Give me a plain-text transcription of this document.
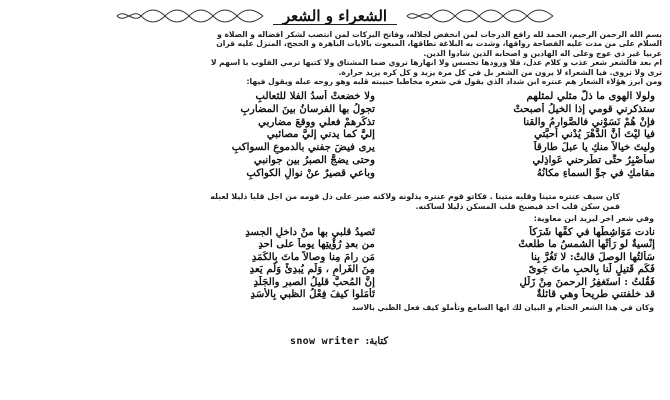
الشعراء و الشعر

بسم الله الرحمن الرحيم، الحمد لله رافع الدرجات لمن انخفض لجلاله، وفاتح البركات لمن انتصب لشكر افضاله و الصلاة و

السلام على من مدت عليه الفصاحة رواقها، وشدت به البلاغة نطاقها، المبعوث بالايات الباهرة و الحجج، المنزل عليه قران

عربيا غير ذي عوج وعلى اله الهادين و اصحابه الذين شادوا الدين.

ام بعد فالشعر شعر عذب و كلام عدل، فلا ورودها تحسس ولا انهارها تروي ضما المشتاق ولا كتبها ترمي القلوب با اسهم لا

ترى ولا تروى. فيا الشعراء لا يرون من الشعر بل في كل مرة يزيد و كل كره يزيد حرارة.

ومن ابرز هؤلاء الشعار هم عنتره ابن شداد الذي يقول في شعره مخاطبا حبيبته قلبه وهو روحه عبله ويقول فيها:

ولولا الهوى ما ذلَّ مثلي لمثلهم
ولا خضعتْ أسدُ الفلا للثعالبِ
ستذكرني قومي إذا الخيلُ أصبحتْ
تجولُ بها الفرسانُ بينَ المضاربِ
فإنْ هُمْ نَسَوْني فالصَّوارمُ والقنا
تذكِّرهمْ فعلي ووقعَ مضاربي
فيا ليْتَ أنَّ الدَّهْرَ يُدْني أحبَّتي
إليَّ كما يدني إليَّ مصائبي
وليتَ خيالاً منكِ يا عبلَ طارقاً
يرى فيضَ جفني بالدموعِ السواكبِ
سأصْبِرُ حتَّى تطَّرحني عَواذِلي
وحتى يضجَّ الصبرُ بين جوانبي
مقامكِ في جوِّ السماءِ مكانُهُ
وباعي قصيرٌ عنْ نوالِ الكواكبِ

كان سيف عنتره متينا وقلبه متينا . فكاتو قوم عنتره يذلونه ولاكنه صبر على ذل قومه من اجل قلبا ذليلا لعبله

فمن سكن قلب احد فيصبح قلب المسكن ذليلا لساكنه.

وفي شعر اخر ليزيد ابن معاوية:
نادت مَوَاشِطَها في كفِّها شَرَكاً
تَصيدُ قلبي بها منْ داخلِ الجسدِ
إنْسيةٌ لو رَأتْها الشمسُ ما طلعتْ
من بعدِ رُؤْيتِها يوماً على احدِ
سَأَلتُها الوصلَ قالتْ: لا تَغُرَّ بِنا
مَن رامَ مِنا وِصالاً ماتَ بِالكَمَدِ
فَكَم قَتيلٍ لَنا بِالحبِ ماتَ جَوىً
مِنَ الغَرامِ ، وَلَم يُبدِئْ وَلَم يَعدِ
فَقُلتُ : استَغفِرُ الرحمنَ مِنْ زَلَلٍ
إنَّ المُحبَّ قليلُ الصبرِ والجَلَدِ
قد خلفتني طريحاً وهي قائلةٌ
تَأمَلوا كيفَ فِعْلُ الظبيِ بِالأسَدِ

وكان في هذا الشعر الختام و البيان لك ايها السامع وتأملو كيف فعل الظبي بالاسد

snow writer كتابة:
